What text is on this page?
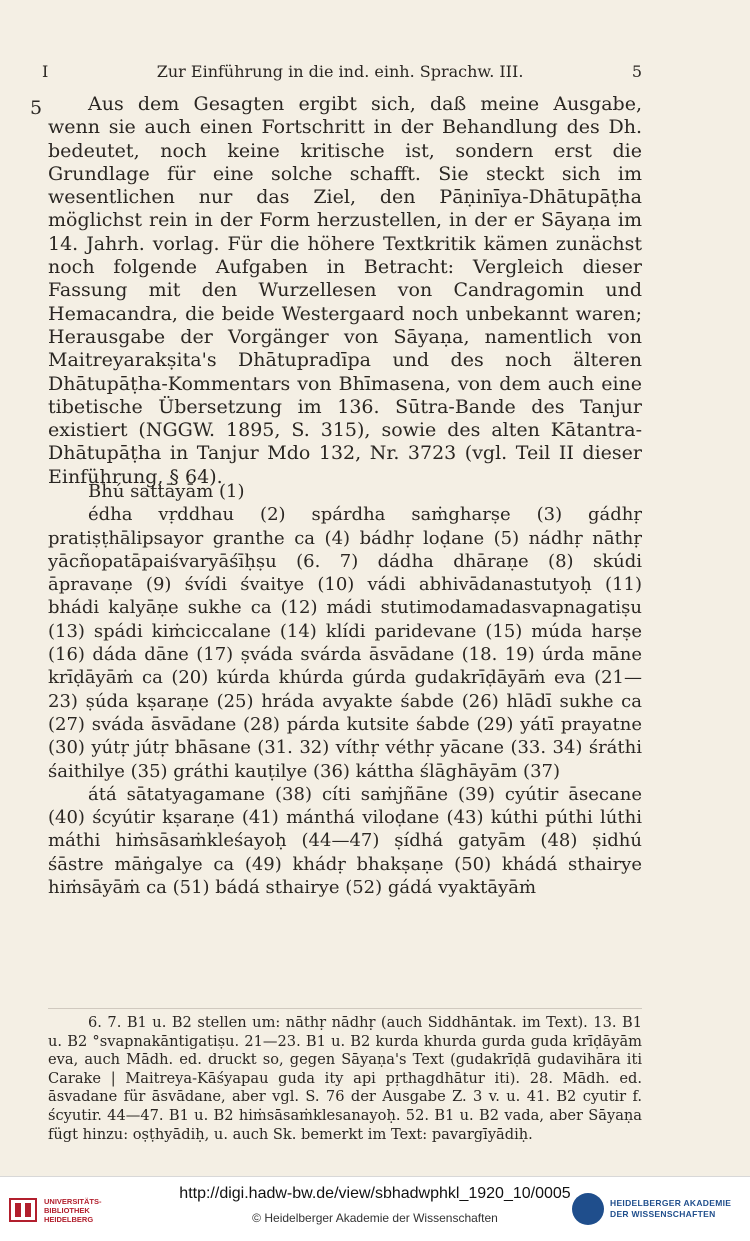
I	Zur Einführung in die ind. einh. Sprachw. III.	5
5	Aus dem Gesagten ergibt sich, daß meine Ausgabe, wenn sie auch einen Fortschritt in der Behandlung des Dh. bedeutet, noch keine kritische ist, sondern erst die Grundlage für eine solche schafft. Sie steckt sich im wesentlichen nur das Ziel, den Pāṇinīya-Dhātupāṭha möglichst rein in der Form herzustellen, in der er Sāyaṇa im 14. Jahrh. vorlag. Für die höhere Textkritik kämen zunächst noch folgende Aufgaben in Betracht: Vergleich dieser Fassung mit den Wurzellesen von Candragomin und Hemacandra, die beide Westergaard noch unbekannt waren; Herausgabe der Vorgänger von Sāyaṇa, namentlich von Maitreyarakṣita's Dhātupradīpa und des noch älteren Dhātupāṭha-Kommentars von Bhīmasena, von dem auch eine tibetische Übersetzung im 136. Sūtra-Bande des Tanjur existiert (NGGW. 1895, S. 315), sowie des alten Kātantra-Dhātupāṭha in Tanjur Mdo 132, Nr. 3723 (vgl. Teil II dieser Einführung, § 64).

Bhú sattāyām (1)

édha vṛddhau (2) spárdha saṁgharṣe (3) gádhṛ pratiṣṭhālipsayor granthe ca (4) bádhṛ loḍane (5) nádhṛ nāthṛ yācñopatāpaiśvaryāśīḥṣu (6. 7) dádha dhāraṇe (8) skúdi āpravaṇe (9) śvídi śvaitye (10) vádi abhivādanastutyoḥ (11) bhádi kalyāṇe sukhe ca (12) mádi stutimodamadasvapnagatiṣu (13) spádi kiṁciccalane (14) klídi paridevane (15) múda harṣe (16) dáda dāne (17) ṣváda svárda āsvādane (18. 19) úrda māne krīḍāyāṁ ca (20) kúrda khúrda gúrda gudakrīḍāyāṁ eva (21—23) ṣúda kṣaraṇe (25) hráda avyakte śabde (26) hlādī sukhe ca (27) sváda āsvādane (28) párda kutsite śabde (29) yátī prayatne (30) yútṛ jútṛ bhāsane (31. 32) víthṛ véthṛ yācane (33. 34) śráthi śaithilye (35) gráthi kauṭilye (36) káttha ślāghāyām (37)

átá sātatyagamane (38) cíti saṁjñāne (39) cyútir āsecane (40) ścyútir kṣaraṇe (41) mánthá viloḍane (43) kúthi púthi lúthi máthi hiṁsāsaṁkleśayoḥ (44—47) ṣídhá gatyām (48) ṣidhú śāstre māṅgalye ca (49) khádṛ bhakṣaṇe (50) khádá sthairye hiṁsāyāṁ ca (51) bádá sthairye (52) gádá vyaktāyāṁ

6. 7. B1 u. B2 stellen um: nāthṛ nādhṛ (auch Siddhāntak. im Text). 13. B1 u. B2 °svapnakāntigatiṣu. 21—23. B1 u. B2 kurda khurda gurda guda krīḍāyām eva, auch Mādh. ed. druckt so, gegen Sāyaṇa's Text (gudakrīḍā gudavihāra iti Carake | Maitreya-Kāśyapau guda ity api pṛthagdhātur iti). 28. Mādh. ed. āsvadane für āsvādane, aber vgl. S. 76 der Ausgabe Z. 3 v. u. 41. B2 cyutir f. ścyutir. 44—47. B1 u. B2 hiṁsāsaṁklesanayoḥ. 52. B1 u. B2 vada, aber Sāyaṇa fügt hinzu: oṣṭhyādiḥ, u. auch Sk. bemerkt im Text: pavargīyādiḥ.

UNIVERSITÄTS-
BIBLIOTHEK
HEIDELBERG
http://digi.hadw-bw.de/view/sbhadwphkl_1920_10/0005
© Heidelberger Akademie der Wissenschaften
HEIDELBERGER AKADEMIE
DER WISSENSCHAFTEN
